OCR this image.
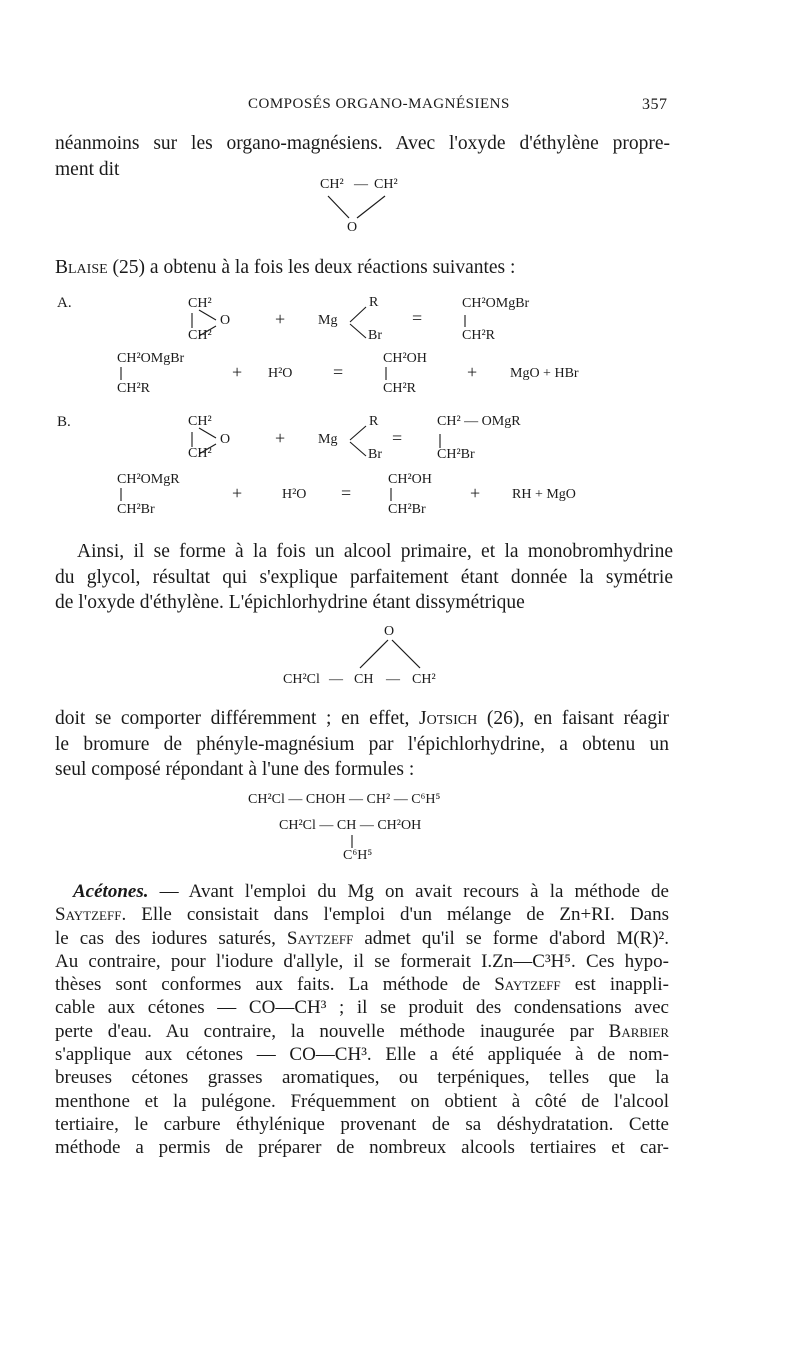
COMPOSÉS ORGANO-MAGNÉSIENS	357

néanmoins sur les organo-magnésiens. Avec l'oxyde d'éthylène propre-

ment dit

CH² — CH²
O
Blaise (25) a obtenu à la fois les deux réactions suivantes :
A.	CH²
CH²
O + Mg
R
Br
=
CH²OMgBr
CH²R
CH²OMgBr
CH²R
+ H²O =
CH²OH
CH²R
+ MgO + HBr
B.	CH²
CH²
O + Mg
R
Br
=
CH² — OMgR
CH²Br
CH²OMgR
CH²Br
+	H²O =
CH²OH
CH²Br
+ RH + MgO

Ainsi, il se forme à la fois un alcool primaire, et la monobromhydrine

du glycol, résultat qui s'explique parfaitement étant donnée la symétrie

de l'oxyde d'éthylène. L'épichlorhydrine étant dissymétrique

O
CH²Cl — CH — CH²

doit se comporter différemment ; en effet, Jotsich (26), en faisant réagir

le bromure de phényle-magnésium par l'épichlorhydrine, a obtenu un

seul composé répondant à l'une des formules :

CH²Cl — CHOH — CH² — C⁶H⁵
CH²Cl — CH — CH²OH
C⁶H⁵

Acétones. — Avant l'emploi du Mg on avait recours à la méthode de

Saytzeff. Elle consistait dans l'emploi d'un mélange de Zn+RI. Dans

le cas des iodures saturés, Saytzeff admet qu'il se forme d'abord M(R)².

Au contraire, pour l'iodure d'allyle, il se formerait I.Zn—C³H⁵. Ces hypo-

thèses sont conformes aux faits. La méthode de Saytzeff est inappli-

cable aux cétones — CO—CH³ ; il se produit des condensations avec

perte d'eau. Au contraire, la nouvelle méthode inaugurée par Barbier

s'applique aux cétones — CO—CH³. Elle a été appliquée à de nom-

breuses cétones grasses aromatiques, ou terpéniques, telles que la

menthone et la pulégone. Fréquemment on obtient à côté de l'alcool

tertiaire, le carbure éthylénique provenant de sa déshydratation. Cette

méthode a permis de préparer de nombreux alcools tertiaires et car-
